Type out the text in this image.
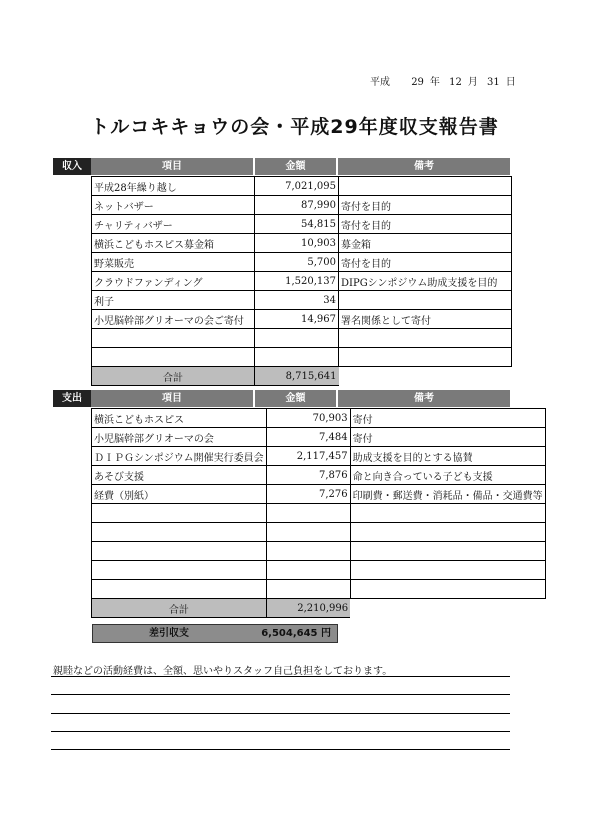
平成 29 年 12 月 31 日
トルコキキョウの会・平成29年度収支報告書
収入	項目	金額	備考
平成28年繰り越し	7,021,095	
ネットバザー	87,990	寄付を目的
チャリティバザー	54,815	寄付を目的
横浜こどもホスピス募金箱	10,903	募金箱
野菜販売	5,700	寄付を目的
クラウドファンディング	1,520,137	DIPGシンポジウム助成支援を目的
利子	34	
小児脳幹部グリオーマの会ご寄付	14,967	署名関係として寄付

合計	8,715,641	
支出	項目	金額	備考
横浜こどもホスピス	70,903	寄付
小児脳幹部グリオーマの会	7,484	寄付
ＤＩＰＧシンポジウム開催実行委員会	2,117,457	助成支援を目的とする協賛
あそび支援	7,876	命と向き合っている子ども支援
経費（別紙）	7,276	印刷費・郵送費・消耗品・備品・交通費等

合計	2,210,996	
差引収支	6,504,645 円
親睦などの活動経費は、全額、思いやりスタッフ自己負担をしております。
